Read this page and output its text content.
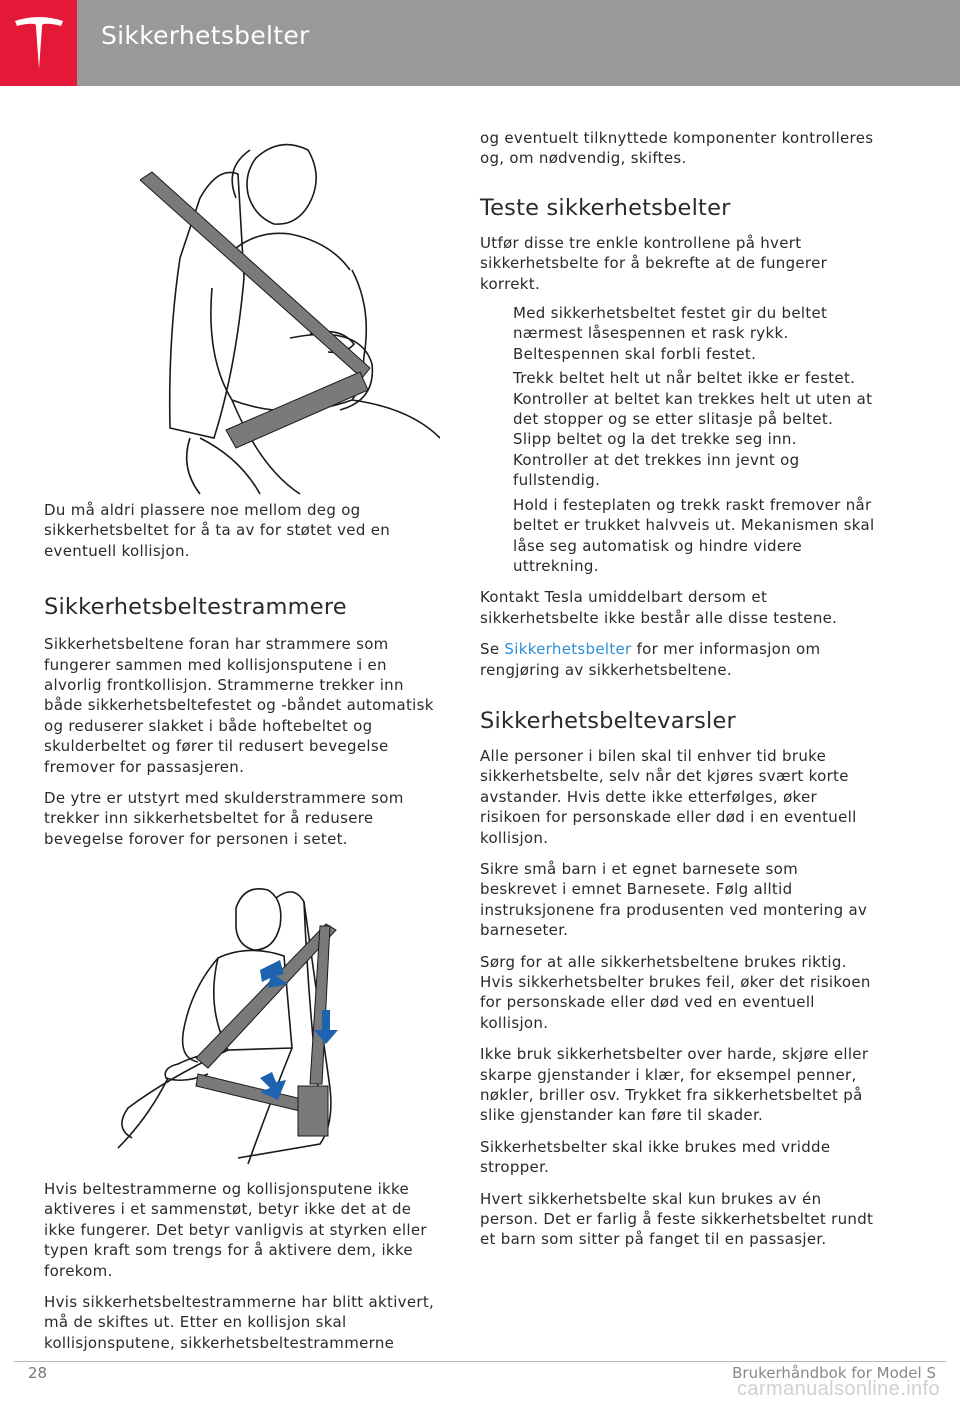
Sikkerhetsbelter

Du må aldri plassere noe mellom deg og sikkerhetsbeltet for å ta av for støtet ved en eventuell kollisjon.

Sikkerhetsbeltestrammere

Sikkerhetsbeltene foran har strammere som fungerer sammen med kollisjonsputene i en alvorlig frontkollisjon. Strammerne trekker inn både sikkerhetsbeltefestet og -båndet automatisk og reduserer slakket i både hoftebeltet og skulderbeltet og fører til redusert bevegelse fremover for passasjeren.

De ytre er utstyrt med skulderstrammere som trekker inn sikkerhetsbeltet for å redusere bevegelse forover for personen i setet.

Hvis beltestrammerne og kollisjonsputene ikke aktiveres i et sammenstøt, betyr ikke det at de ikke fungerer. Det betyr vanligvis at styrken eller typen kraft som trengs for å aktivere dem, ikke forekom.

Hvis sikkerhetsbeltestrammerne har blitt aktivert, må de skiftes ut. Etter en kollisjon skal kollisjonsputene, sikkerhetsbeltestrammerne

og eventuelt tilknyttede komponenter kontrolleres og, om nødvendig, skiftes.

Teste sikkerhetsbelter

Utfør disse tre enkle kontrollene på hvert sikkerhetsbelte for å bekrefte at de fungerer korrekt.

Med sikkerhetsbeltet festet gir du beltet nærmest låsespennen et rask rykk. Beltespennen skal forbli festet.

Trekk beltet helt ut når beltet ikke er festet. Kontroller at beltet kan trekkes helt ut uten at det stopper og se etter slitasje på beltet. Slipp beltet og la det trekke seg inn. Kontroller at det trekkes inn jevnt og fullstendig.

Hold i festeplaten og trekk raskt fremover når beltet er trukket halvveis ut. Mekanismen skal låse seg automatisk og hindre videre uttrekning.

Kontakt Tesla umiddelbart dersom et sikkerhetsbelte ikke består alle disse testene.

Se Sikkerhetsbelter for mer informasjon om rengjøring av sikkerhetsbeltene.

Sikkerhetsbeltevarsler

Alle personer i bilen skal til enhver tid bruke sikkerhetsbelte, selv når det kjøres svært korte avstander. Hvis dette ikke etterfølges, øker risikoen for personskade eller død i en eventuell kollisjon.

Sikre små barn i et egnet barnesete som beskrevet i emnet Barnesete. Følg alltid instruksjonene fra produsenten ved montering av barneseter.

Sørg for at alle sikkerhetsbeltene brukes riktig. Hvis sikkerhetsbelter brukes feil, øker det risikoen for personskade eller død ved en eventuell kollisjon.

Ikke bruk sikkerhetsbelter over harde, skjøre eller skarpe gjenstander i klær, for eksempel penner, nøkler, briller osv. Trykket fra sikkerhetsbeltet på slike gjenstander kan føre til skader.

Sikkerhetsbelter skal ikke brukes med vridde stropper.

Hvert sikkerhetsbelte skal kun brukes av én person. Det er farlig å feste sikkerhetsbeltet rundt et barn som sitter på fanget til en passasjer.

28	Brukerhåndbok for Model S
carmanualsonline.info
